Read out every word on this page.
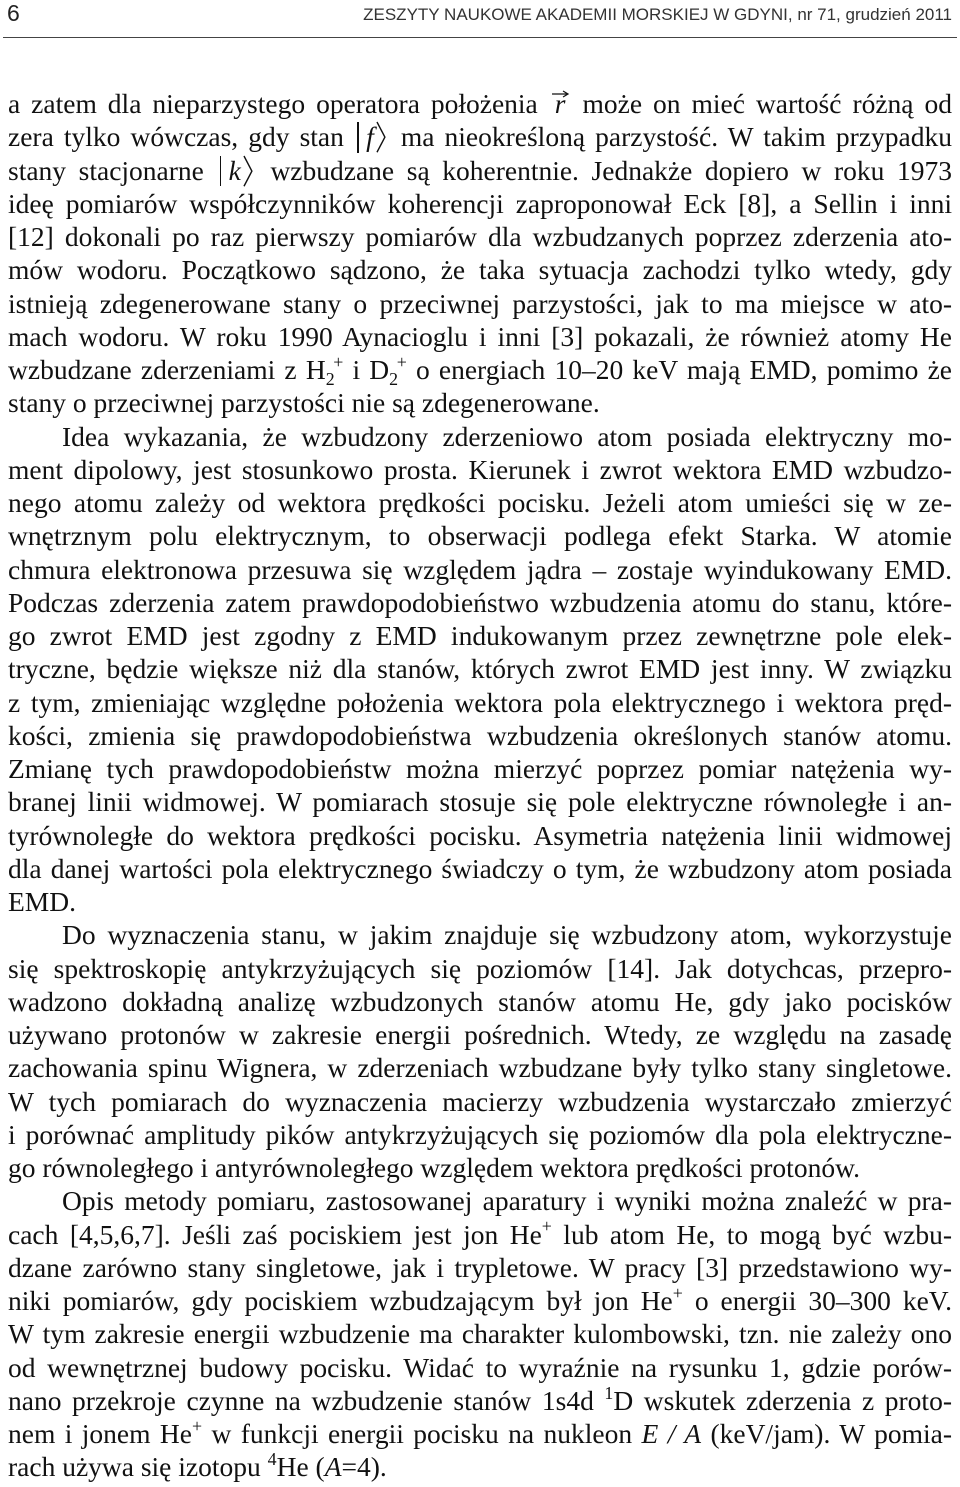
6	ZESZYTY NAUKOWE AKADEMII MORSKIEJ W GDYNI, nr 71, grudzień 2011
a zatem dla nieparzystego operatora położenia r
może on mieć wartość różną od
zera tylko wówczas, gdy stan
f
ma nieokreśloną parzystość. W takim przypadku
stany stacjonarne
k
wzbudzane są koherentnie. Jednakże dopiero w roku 1973
ideę pomiarów współczynników koherencji zaproponował Eck [8], a Sellin i inni
[12] dokonali po raz pierwszy pomiarów dla wzbudzanych poprzez zderzenia ato-
mów wodoru. Początkowo sądzono, że taka sytuacja zachodzi tylko wtedy, gdy
istnieją zdegenerowane stany o przeciwnej parzystości, jak to ma miejsce w ato-
mach wodoru. W roku 1990 Aynacioglu i inni [3] pokazali, że również atomy He
wzbudzane zderzeniami z $H_2^+$ i $D_2^+$ o energiach 10–20 keV mają EMD, pomimo że
stany o przeciwnej parzystości nie są zdegenerowane.
Idea wykazania, że wzbudzony zderzeniowo atom posiada elektryczny mo-
ment dipolowy, jest stosunkowo prosta. Kierunek i zwrot wektora EMD wzbudzo-
nego atomu zależy od wektora prędkości pocisku. Jeżeli atom umieści się w ze-
wnętrznym polu elektrycznym, to obserwacji podlega efekt Starka. W atomie
chmura elektronowa przesuwa się względem jądra – zostaje wyindukowany EMD.
Podczas zderzenia zatem prawdopodobieństwo wzbudzenia atomu do stanu, które-
go zwrot EMD jest zgodny z EMD indukowanym przez zewnętrzne pole elek-
tryczne, będzie większe niż dla stanów, których zwrot EMD jest inny. W związku
z tym, zmieniając względne położenia wektora pola elektrycznego i wektora pręd-
kości, zmienia się prawdopodobieństwa wzbudzenia określonych stanów atomu.
Zmianę tych prawdopodobieństw można mierzyć poprzez pomiar natężenia wy-
branej linii widmowej. W pomiarach stosuje się pole elektryczne równoległe i an-
tyrównoległe do wektora prędkości pocisku. Asymetria natężenia linii widmowej
dla danej wartości pola elektrycznego świadczy o tym, że wzbudzony atom posiada
EMD.
Do wyznaczenia stanu, w jakim znajduje się wzbudzony atom, wykorzystuje
się spektroskopię antykrzyżujących się poziomów [14]. Jak dotychcas, przepro-
wadzono dokładną analizę wzbudzonych stanów atomu He, gdy jako pocisków
używano protonów w zakresie energii pośrednich. Wtedy, ze względu na zasadę
zachowania spinu Wignera, w zderzeniach wzbudzane były tylko stany singletowe.
W tych pomiarach do wyznaczenia macierzy wzbudzenia wystarczało zmierzyć
i porównać amplitudy pików antykrzyżujących się poziomów dla pola elektryczne-
go równoległego i antyrównoległego względem wektora prędkości protonów.
Opis metody pomiaru, zastosowanej aparatury i wyniki można znaleźć w pra-
cach [4,5,6,7]. Jeśli zaś pociskiem jest jon He+ lub atom He, to mogą być wzbu-
dzane zarówno stany singletowe, jak i trypletowe. W pracy [3] przedstawiono wy-
niki pomiarów, gdy pociskiem wzbudzającym był jon He+ o energii 30–300 keV.
W tym zakresie energii wzbudzenie ma charakter kulombowski, tzn. nie zależy ono
od wewnętrznej budowy pocisku. Widać to wyraźnie na rysunku 1, gdzie porów-
nano przekroje czynne na wzbudzenie stanów 1s4d $^1$D wskutek zderzenia z proto-
nem i jonem He+ w funkcji energii pocisku na nukleon E / A (keV/jam). W pomia-
rach używa się izotopu $^4$He (A=4).
